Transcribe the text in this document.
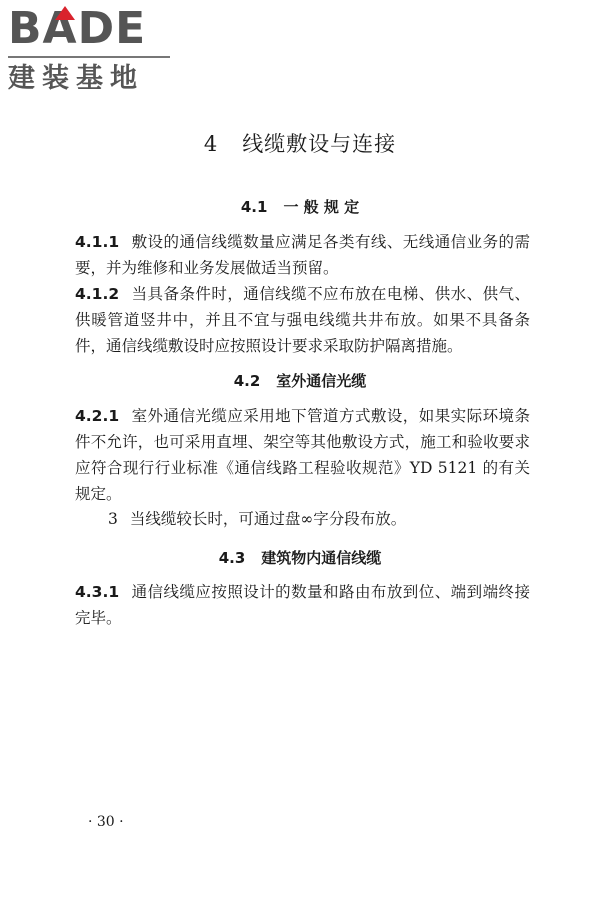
BADE
建装基地
4 线缆敷设与连接
4.1 一 般 规 定
4.1.1 敷设的通信线缆数量应满足各类有线、无线通信业务的需要，并为维修和业务发展做适当预留。
4.1.2 当具备条件时，通信线缆不应布放在电梯、供水、供气、供暖管道竖井中，并且不宜与强电线缆共井布放。如果不具备条件，通信线缆敷设时应按照设计要求采取防护隔离措施。
4.2 室外通信光缆
4.2.1 室外通信光缆应采用地下管道方式敷设，如果实际环境条件不允许，也可采用直埋、架空等其他敷设方式，施工和验收要求应符合现行行业标准《通信线路工程验收规范》YD 5121 的有关规定。
3 当线缆较长时，可通过盘∞字分段布放。
4.3 建筑物内通信线缆
4.3.1 通信线缆应按照设计的数量和路由布放到位、端到端终接完毕。
· 30 ·
